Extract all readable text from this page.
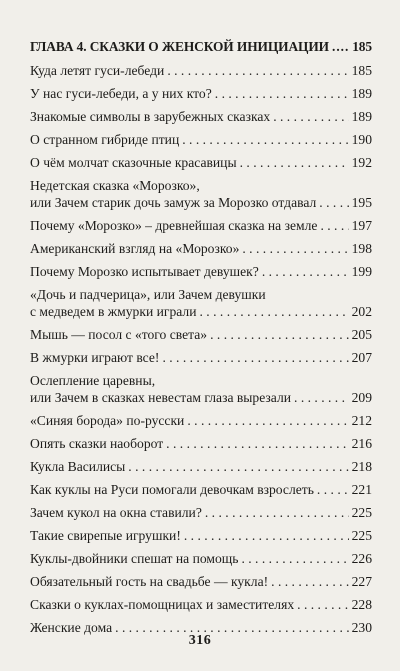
ГЛАВА 4. СКАЗКИ О ЖЕНСКОЙ ИНИЦИАЦИИ ..... 185
Куда летят гуси-лебеди . . .	185
У нас гуси-лебеди, а у них кто? . . .	189
Знакомые символы в зарубежных сказках . . .	189
О странном гибриде птиц . . .	190
О чём молчат сказочные красавицы . . .	192
Недетская сказка «Морозко»,
или Зачем старик дочь замуж за Морозко отдавал . . .	195
Почему «Морозко» – древнейшая сказка на земле . . .	197
Американский взгляд на «Морозко» . . .	198
Почему Морозко испытывает девушек? . . .	199
«Дочь и падчерица», или Зачем девушки
с медведем в жмурки играли . . .	202
Мышь — посол с «того света» . . .	205
В жмурки играют все! . . .	207
Ослепление царевны,
или Зачем в сказках невестам глаза вырезали . . .	209
«Синяя борода» по-русски . . .	212
Опять сказки наоборот . . .	216
Кукла Василисы . . .	218
Как куклы на Руси помогали девочкам взрослеть . . .	221
Зачем кукол на окна ставили? . . .	225
Такие свирепые игрушки! . . .	225
Куклы-двойники спешат на помощь . . .	226
Обязательный гость на свадьбе — кукла! . . .	227
Сказки о куклах-помощницах и заместителях . . .	228
Женские дома . . .	230
316
